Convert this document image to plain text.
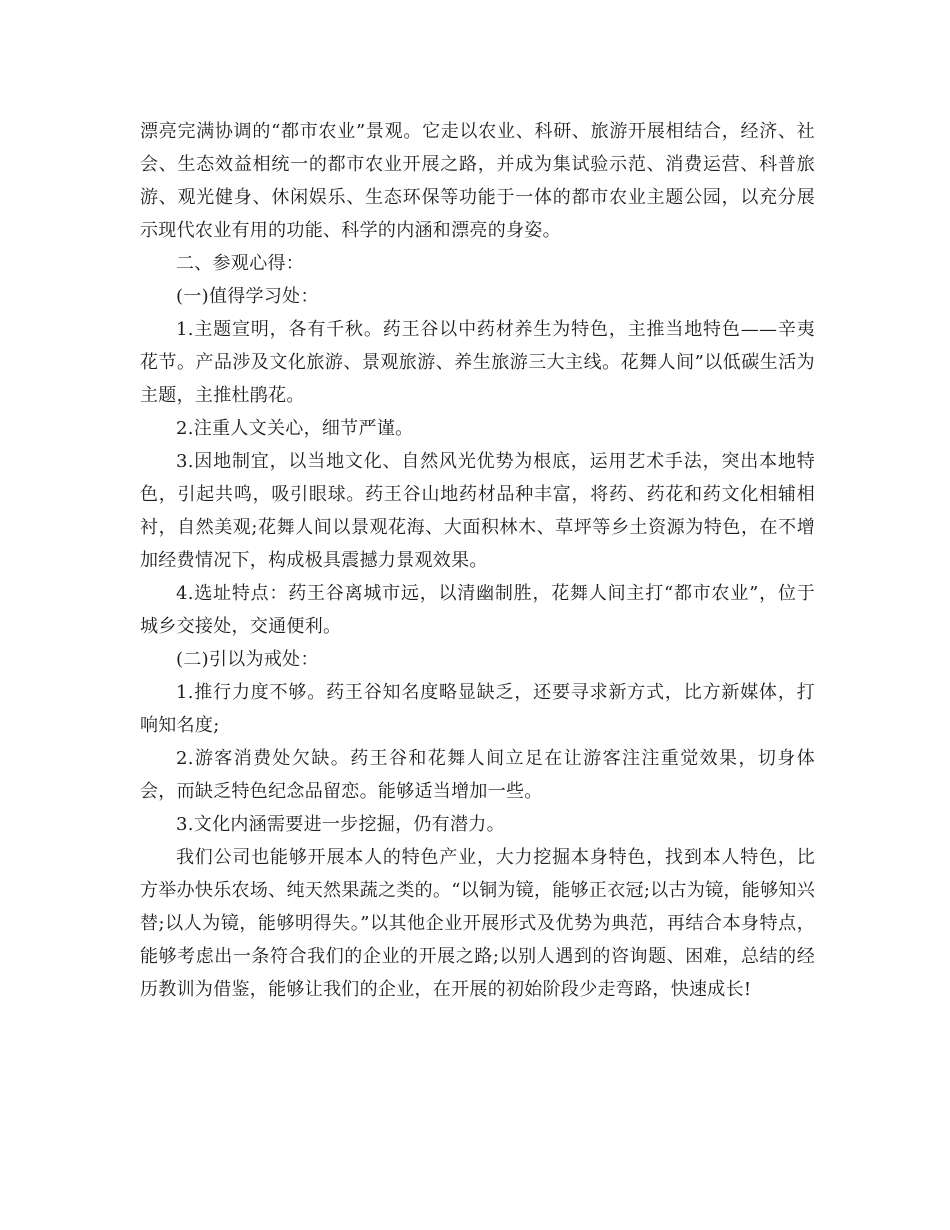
漂亮完满协调的“都市农业”景观。它走以农业、科研、旅游开展相结合，经济、社会、生态效益相统一的都市农业开展之路，并成为集试验示范、消费运营、科普旅游、观光健身、休闲娱乐、生态环保等功能于一体的都市农业主题公园，以充分展示现代农业有用的功能、科学的内涵和漂亮的身姿。

二、参观心得：

(一)值得学习处：

1.主题宣明，各有千秋。药王谷以中药材养生为特色，主推当地特色——辛夷花节。产品涉及文化旅游、景观旅游、养生旅游三大主线。花舞人间”以低碳生活为主题，主推杜鹃花。

2.注重人文关心，细节严谨。

3.因地制宜，以当地文化、自然风光优势为根底，运用艺术手法，突出本地特色，引起共鸣，吸引眼球。药王谷山地药材品种丰富，将药、药花和药文化相辅相衬，自然美观;花舞人间以景观花海、大面积林木、草坪等乡土资源为特色，在不增加经费情况下，构成极具震撼力景观效果。

4.选址特点：药王谷离城市远，以清幽制胜，花舞人间主打“都市农业”，位于城乡交接处，交通便利。

(二)引以为戒处：

1.推行力度不够。药王谷知名度略显缺乏，还要寻求新方式，比方新媒体，打响知名度;

2.游客消费处欠缺。药王谷和花舞人间立足在让游客注注重觉效果，切身体会，而缺乏特色纪念品留恋。能够适当增加一些。

3.文化内涵需要进一步挖掘，仍有潜力。

我们公司也能够开展本人的特色产业，大力挖掘本身特色，找到本人特色，比方举办快乐农场、纯天然果蔬之类的。“以铜为镜，能够正衣冠;以古为镜，能够知兴替;以人为镜，能够明得失。”以其他企业开展形式及优势为典范，再结合本身特点，能够考虑出一条符合我们的企业的开展之路;以别人遇到的咨询题、困难，总结的经历教训为借鉴，能够让我们的企业，在开展的初始阶段少走弯路，快速成长!
